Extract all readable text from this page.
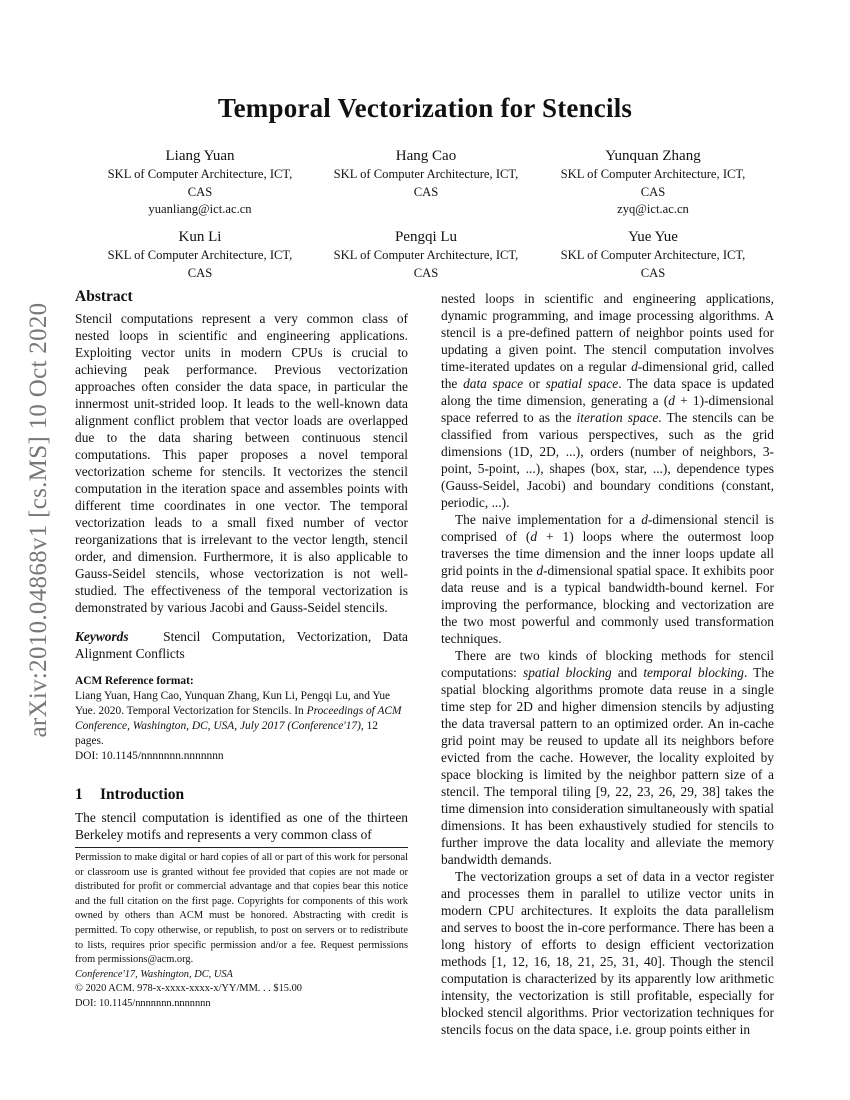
Temporal Vectorization for Stencils
Liang Yuan
SKL of Computer Architecture, ICT,
CAS
yuanliang@ict.ac.cn
Hang Cao
SKL of Computer Architecture, ICT,
CAS
Yunquan Zhang
SKL of Computer Architecture, ICT,
CAS
zyq@ict.ac.cn
Kun Li
SKL of Computer Architecture, ICT,
CAS
Pengqi Lu
SKL of Computer Architecture, ICT,
CAS
Yue Yue
SKL of Computer Architecture, ICT,
CAS
arXiv:2010.04868v1 [cs.MS] 10 Oct 2020
Abstract

Stencil computations represent a very common class of nested loops in scientific and engineering applications. Exploiting vector units in modern CPUs is crucial to achieving peak performance. Previous vectorization approaches often consider the data space, in particular the innermost unit-strided loop. It leads to the well-known data alignment conflict problem that vector loads are overlapped due to the data sharing between continuous stencil computations. This paper proposes a novel temporal vectorization scheme for stencils. It vectorizes the stencil computation in the iteration space and assembles points with different time coordinates in one vector. The temporal vectorization leads to a small fixed number of vector reorganizations that is irrelevant to the vector length, stencil order, and dimension. Furthermore, it is also applicable to Gauss-Seidel stencils, whose vectorization is not well-studied. The effectiveness of the temporal vectorization is demonstrated by various Jacobi and Gauss-Seidel stencils.

Keywords	Stencil Computation, Vectorization, Data Alignment Conflicts

ACM Reference format:

Liang Yuan, Hang Cao, Yunquan Zhang, Kun Li, Pengqi Lu, and Yue Yue. 2020. Temporal Vectorization for Stencils. In Proceedings of ACM Conference, Washington, DC, USA, July 2017 (Conference'17), 12 pages.

DOI: 10.1145/nnnnnnn.nnnnnnn

1 Introduction

The stencil computation is identified as one of the thirteen Berkeley motifs and represents a very common class of

Permission to make digital or hard copies of all or part of this work for personal or classroom use is granted without fee provided that copies are not made or distributed for profit or commercial advantage and that copies bear this notice and the full citation on the first page. Copyrights for components of this work owned by others than ACM must be honored. Abstracting with credit is permitted. To copy otherwise, or republish, to post on servers or to redistribute to lists, requires prior specific permission and/or a fee. Request permissions from permissions@acm.org.

Conference'17, Washington, DC, USA

© 2020 ACM. 978-x-xxxx-xxxx-x/YY/MM. . . $15.00

DOI: 10.1145/nnnnnnn.nnnnnnn

nested loops in scientific and engineering applications, dynamic programming, and image processing algorithms. A stencil is a pre-defined pattern of neighbor points used for updating a given point. The stencil computation involves time-iterated updates on a regular d-dimensional grid, called the data space or spatial space. The data space is updated along the time dimension, generating a (d + 1)-dimensional space referred to as the iteration space. The stencils can be classified from various perspectives, such as the grid dimensions (1D, 2D, ...), orders (number of neighbors, 3-point, 5-point, ...), shapes (box, star, ...), dependence types (Gauss-Seidel, Jacobi) and boundary conditions (constant, periodic, ...).

The naive implementation for a d-dimensional stencil is comprised of (d + 1) loops where the outermost loop traverses the time dimension and the inner loops update all grid points in the d-dimensional spatial space. It exhibits poor data reuse and is a typical bandwidth-bound kernel. For improving the performance, blocking and vectorization are the two most powerful and commonly used transformation techniques.

There are two kinds of blocking methods for stencil computations: spatial blocking and temporal blocking. The spatial blocking algorithms promote data reuse in a single time step for 2D and higher dimension stencils by adjusting the data traversal pattern to an optimized order. An in-cache grid point may be reused to update all its neighbors before evicted from the cache. However, the locality exploited by space blocking is limited by the neighbor pattern size of a stencil. The temporal tiling [9, 22, 23, 26, 29, 38] takes the time dimension into consideration simultaneously with spatial dimensions. It has been exhaustively studied for stencils to further improve the data locality and alleviate the memory bandwidth demands.

The vectorization groups a set of data in a vector register and processes them in parallel to utilize vector units in modern CPU architectures. It exploits the data parallelism and serves to boost the in-core performance. There has been a long history of efforts to design efficient vectorization methods [1, 12, 16, 18, 21, 25, 31, 40]. Though the stencil computation is characterized by its apparently low arithmetic intensity, the vectorization is still profitable, especially for blocked stencil algorithms. Prior vectorization techniques for stencils focus on the data space, i.e. group points either in
